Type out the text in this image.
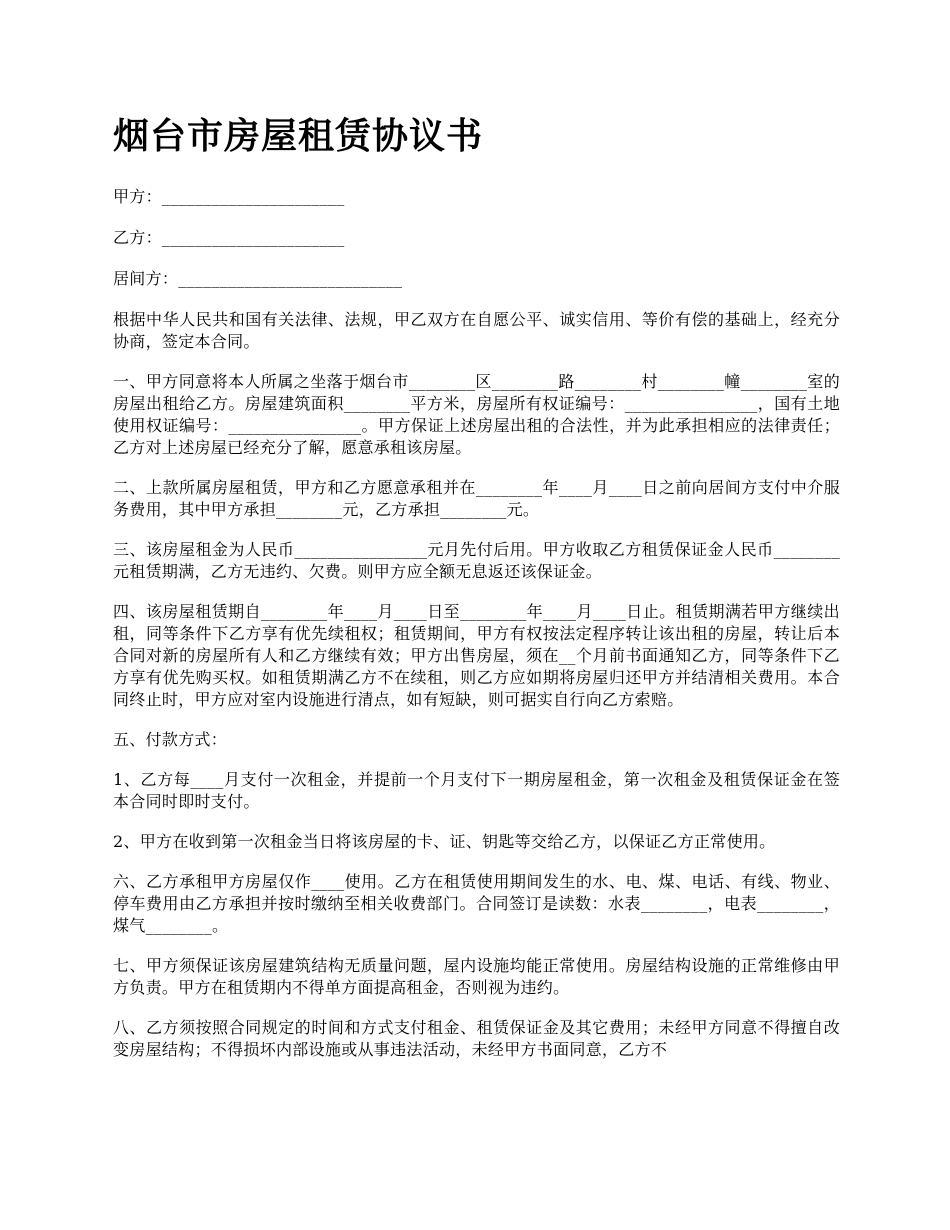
烟台市房屋租赁协议书

甲方：______________________

乙方：______________________

居间方：___________________________

根据中华人民共和国有关法律、法规，甲乙双方在自愿公平、诚实信用、等价有偿的基础上，经充分协商，签定本合同。

一、甲方同意将本人所属之坐落于烟台市________区________路________村________幢________室的房屋出租给乙方。房屋建筑面积________平方米，房屋所有权证编号：________________，国有土地使用权证编号：________________。甲方保证上述房屋出租的合法性，并为此承担相应的法律责任；乙方对上述房屋已经充分了解，愿意承租该房屋。

二、上款所属房屋租赁，甲方和乙方愿意承租并在________年____月____日之前向居间方支付中介服务费用，其中甲方承担________元，乙方承担________元。

三、该房屋租金为人民币________________元月先付后用。甲方收取乙方租赁保证金人民币________元租赁期满，乙方无违约、欠费。则甲方应全额无息返还该保证金。

四、该房屋租赁期自________年____月____日至________年____月____日止。租赁期满若甲方继续出租，同等条件下乙方享有优先续租权；租赁期间，甲方有权按法定程序转让该出租的房屋，转让后本合同对新的房屋所有人和乙方继续有效；甲方出售房屋，须在__个月前书面通知乙方，同等条件下乙方享有优先购买权。如租赁期满乙方不在续租，则乙方应如期将房屋归还甲方并结清相关费用。本合同终止时，甲方应对室内设施进行清点，如有短缺，则可据实自行向乙方索赔。

五、付款方式：

1、乙方每____月支付一次租金，并提前一个月支付下一期房屋租金，第一次租金及租赁保证金在签本合同时即时支付。

2、甲方在收到第一次租金当日将该房屋的卡、证、钥匙等交给乙方，以保证乙方正常使用。

六、乙方承租甲方房屋仅作____使用。乙方在租赁使用期间发生的水、电、煤、电话、有线、物业、停车费用由乙方承担并按时缴纳至相关收费部门。合同签订是读数：水表________，电表________，煤气________。

七、甲方须保证该房屋建筑结构无质量问题，屋内设施均能正常使用。房屋结构设施的正常维修由甲方负责。甲方在租赁期内不得单方面提高租金，否则视为违约。

八、乙方须按照合同规定的时间和方式支付租金、租赁保证金及其它费用；未经甲方同意不得擅自改变房屋结构；不得损坏内部设施或从事违法活动，未经甲方书面同意，乙方不
